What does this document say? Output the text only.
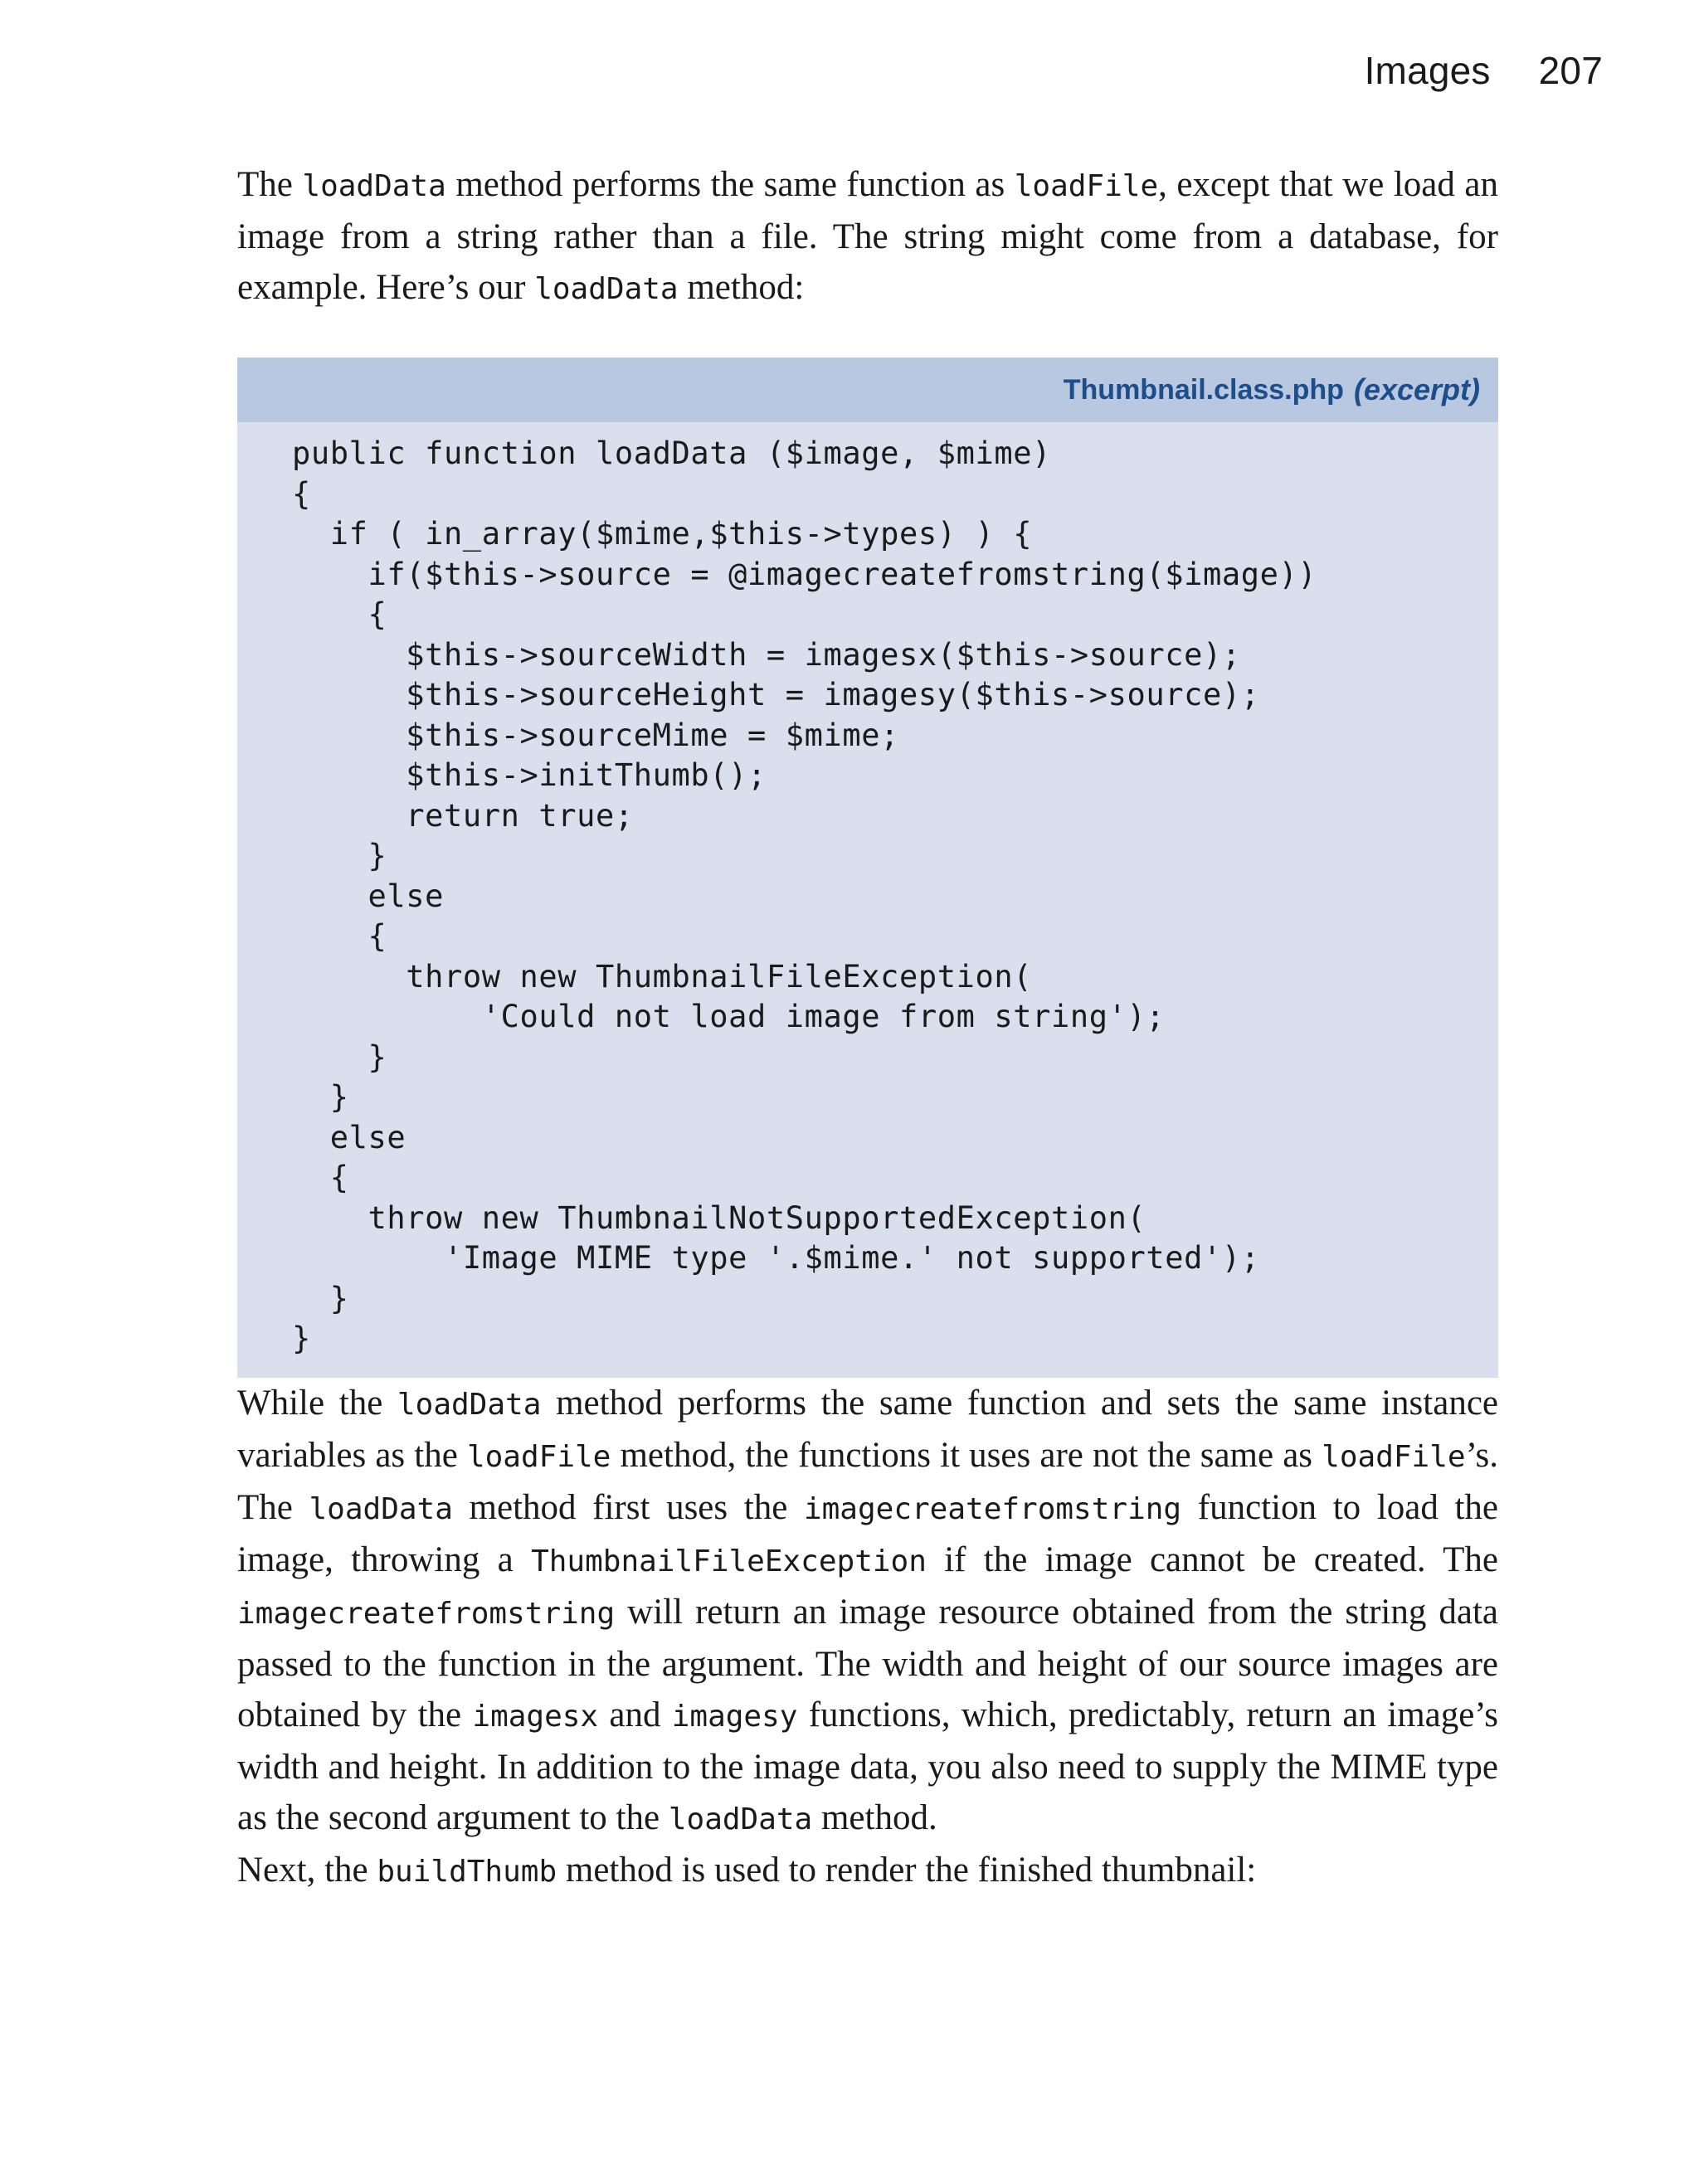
Images 207

The loadData method performs the same function as loadFile, except that we load an image from a string rather than a file. The string might come from a database, for example. Here’s our loadData method:

Thumbnail.class.php (excerpt)
public function loadData ($image, $mime)
{
if ( in_array($mime,$this->types) ) {
if($this->source = @imagecreatefromstring($image))
{
$this->sourceWidth = imagesx($this->source);
$this->sourceHeight = imagesy($this->source);
$this->sourceMime = $mime;
$this->initThumb();
return true;
}
else
{
throw new ThumbnailFileException(
'Could not load image from string');
}
}
else
{
throw new ThumbnailNotSupportedException(
'Image MIME type '.$mime.' not supported');
}
}

While the loadData method performs the same function and sets the same instance variables as the loadFile method, the functions it uses are not the same as loadFile’s. The loadData method first uses the imagecreatefromstring function to load the image, throwing a ThumbnailFileException if the image cannot be created. The imagecreatefromstring will return an image resource obtained from the string data passed to the function in the argument. The width and height of our source images are obtained by the imagesx and imagesy functions, which, predictably, return an image’s width and height. In addition to the image data, you also need to supply the MIME type as the second argument to the loadData method.

Next, the buildThumb method is used to render the finished thumbnail:
